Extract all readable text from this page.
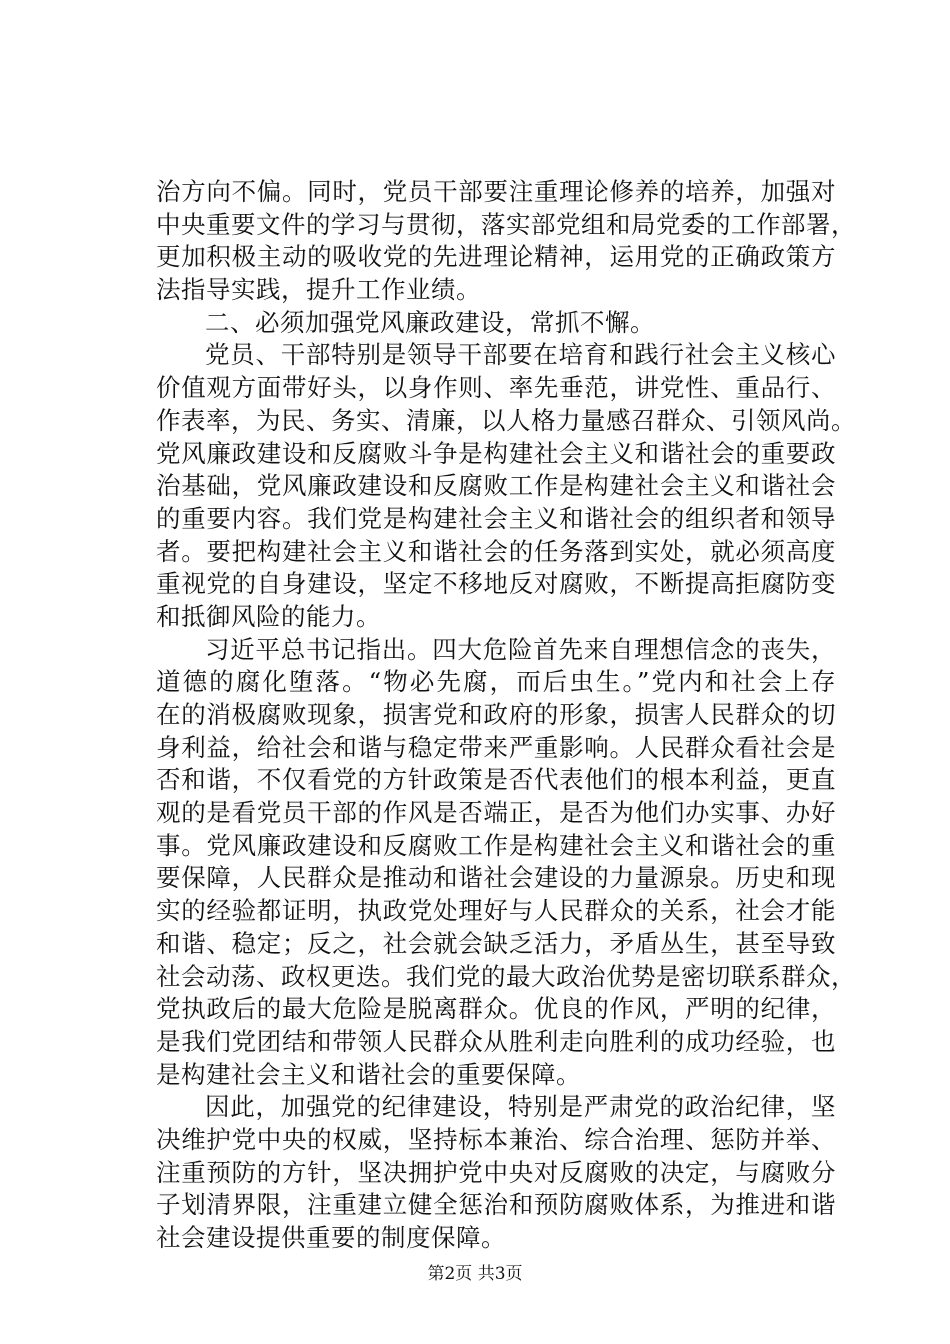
治方向不偏。同时，党员干部要注重理论修养的培养，加强对
中央重要文件的学习与贯彻，落实部党组和局党委的工作部署，
更加积极主动的吸收党的先进理论精神，运用党的正确政策方
法指导实践，提升工作业绩。
二、必须加强党风廉政建设，常抓不懈。
党员、干部特别是领导干部要在培育和践行社会主义核心
价值观方面带好头，以身作则、率先垂范，讲党性、重品行、
作表率，为民、务实、清廉，以人格力量感召群众、引领风尚。
党风廉政建设和反腐败斗争是构建社会主义和谐社会的重要政
治基础，党风廉政建设和反腐败工作是构建社会主义和谐社会
的重要内容。我们党是构建社会主义和谐社会的组织者和领导
者。要把构建社会主义和谐社会的任务落到实处，就必须高度
重视党的自身建设，坚定不移地反对腐败，不断提高拒腐防变
和抵御风险的能力。
习近平总书记指出。四大危险首先来自理想信念的丧失，
道德的腐化堕落。“物必先腐，而后虫生。”党内和社会上存
在的消极腐败现象，损害党和政府的形象，损害人民群众的切
身利益，给社会和谐与稳定带来严重影响。人民群众看社会是
否和谐，不仅看党的方针政策是否代表他们的根本利益，更直
观的是看党员干部的作风是否端正，是否为他们办实事、办好
事。党风廉政建设和反腐败工作是构建社会主义和谐社会的重
要保障，人民群众是推动和谐社会建设的力量源泉。历史和现
实的经验都证明，执政党处理好与人民群众的关系，社会才能
和谐、稳定；反之，社会就会缺乏活力，矛盾丛生，甚至导致
社会动荡、政权更迭。我们党的最大政治优势是密切联系群众，
党执政后的最大危险是脱离群众。优良的作风，严明的纪律，
是我们党团结和带领人民群众从胜利走向胜利的成功经验，也
是构建社会主义和谐社会的重要保障。
因此，加强党的纪律建设，特别是严肃党的政治纪律，坚
决维护党中央的权威，坚持标本兼治、综合治理、惩防并举、
注重预防的方针，坚决拥护党中央对反腐败的决定，与腐败分
子划清界限，注重建立健全惩治和预防腐败体系，为推进和谐
社会建设提供重要的制度保障。
第2页 共3页
